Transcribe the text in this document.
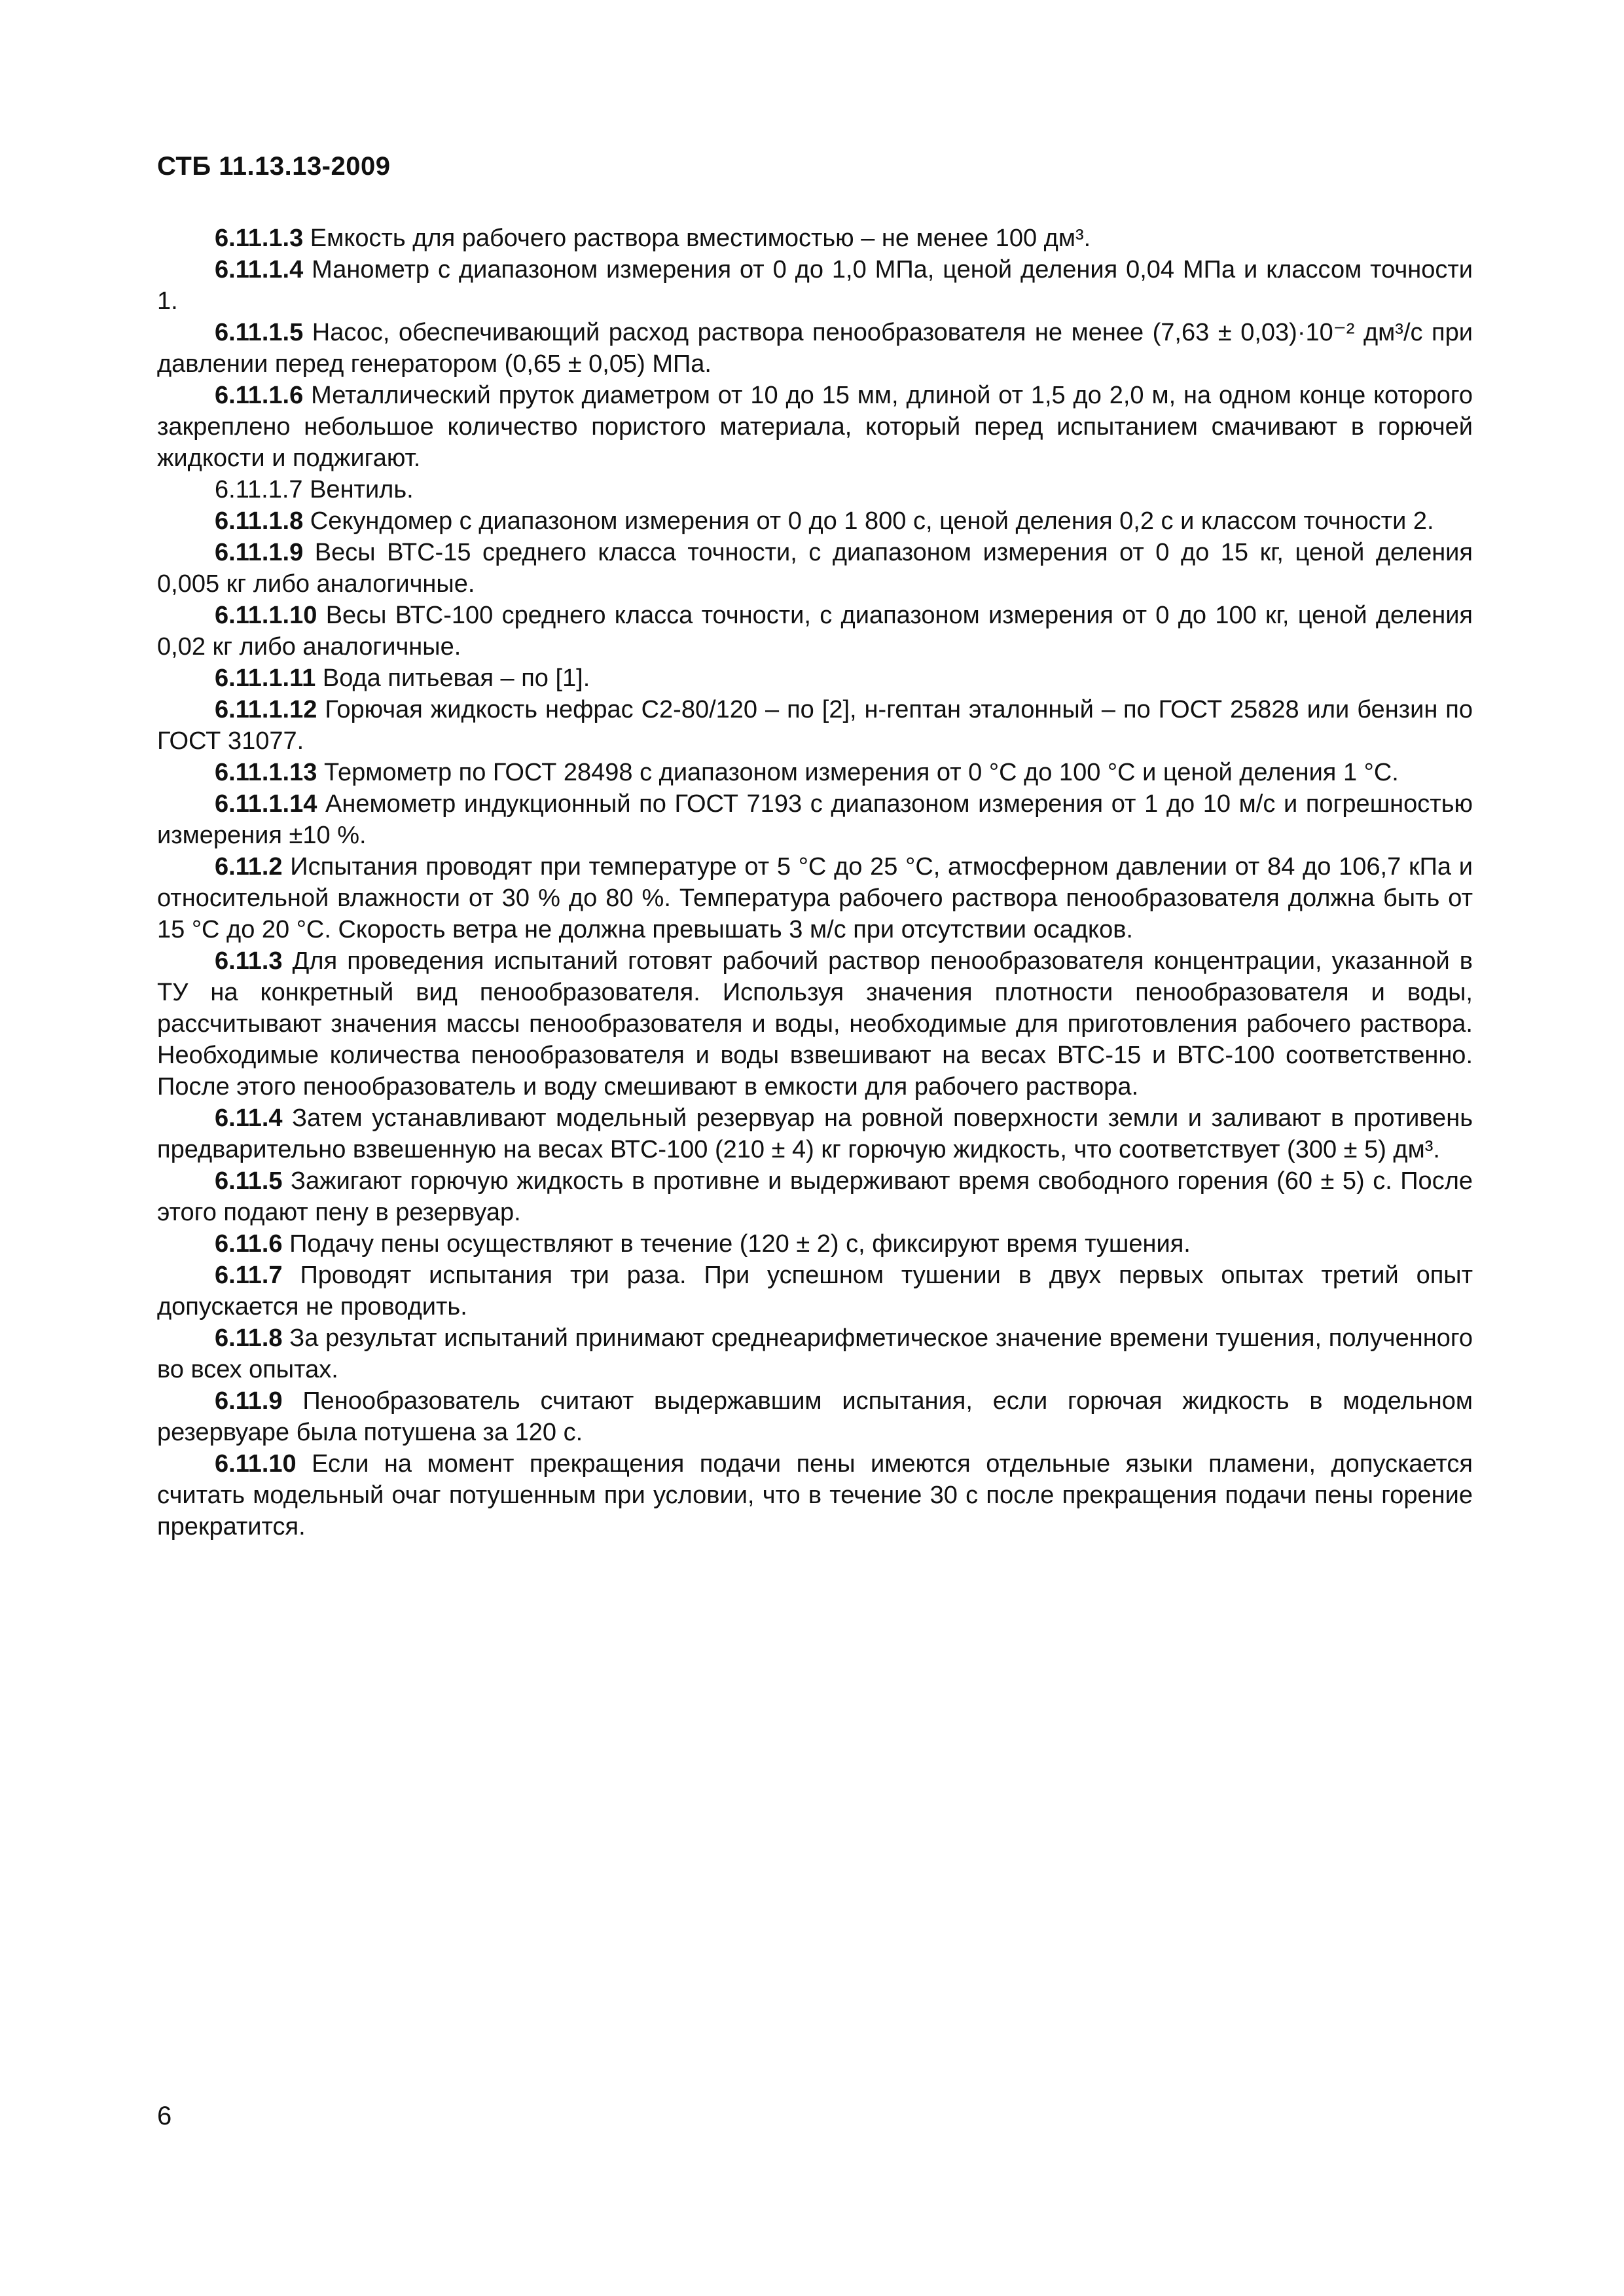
СТБ 11.13.13-2009

6.11.1.3 Емкость для рабочего раствора вместимостью – не менее 100 дм³.

6.11.1.4 Манометр с диапазоном измерения от 0 до 1,0 МПа, ценой деления 0,04 МПа и классом точности 1.

6.11.1.5 Насос, обеспечивающий расход раствора пенообразователя не менее (7,63 ± 0,03)·10⁻² дм³/с при давлении перед генератором (0,65 ± 0,05) МПа.

6.11.1.6 Металлический пруток диаметром от 10 до 15 мм, длиной от 1,5 до 2,0 м, на одном конце которого закреплено небольшое количество пористого материала, который перед испытанием смачивают в горючей жидкости и поджигают.

6.11.1.7 Вентиль.

6.11.1.8 Секундомер с диапазоном измерения от 0 до 1 800 с, ценой деления 0,2 с и классом точности 2.

6.11.1.9 Весы ВТС-15 среднего класса точности, с диапазоном измерения от 0 до 15 кг, ценой деления 0,005 кг либо аналогичные.

6.11.1.10 Весы ВТС-100 среднего класса точности, с диапазоном измерения от 0 до 100 кг, ценой деления 0,02 кг либо аналогичные.

6.11.1.11 Вода питьевая – по [1].

6.11.1.12 Горючая жидкость нефрас С2-80/120 – по [2], н-гептан эталонный – по ГОСТ 25828 или бензин по ГОСТ 31077.

6.11.1.13 Термометр по ГОСТ 28498 с диапазоном измерения от 0 °С до 100 °С и ценой деления 1 °С.

6.11.1.14 Анемометр индукционный по ГОСТ 7193 с диапазоном измерения от 1 до 10 м/с и погрешностью измерения ±10 %.

6.11.2 Испытания проводят при температуре от 5 °С до 25 °С, атмосферном давлении от 84 до 106,7 кПа и относительной влажности от 30 % до 80 %. Температура рабочего раствора пенообразователя должна быть от 15 °С до 20 °С. Скорость ветра не должна превышать 3 м/с при отсутствии осадков.

6.11.3 Для проведения испытаний готовят рабочий раствор пенообразователя концентрации, указанной в ТУ на конкретный вид пенообразователя. Используя значения плотности пенообразователя и воды, рассчитывают значения массы пенообразователя и воды, необходимые для приготовления рабочего раствора. Необходимые количества пенообразователя и воды взвешивают на весах ВТС-15 и ВТС-100 соответственно. После этого пенообразователь и воду смешивают в емкости для рабочего раствора.

6.11.4 Затем устанавливают модельный резервуар на ровной поверхности земли и заливают в противень предварительно взвешенную на весах ВТС-100 (210 ± 4) кг горючую жидкость, что соответствует (300 ± 5) дм³.

6.11.5 Зажигают горючую жидкость в противне и выдерживают время свободного горения (60 ± 5) с. После этого подают пену в резервуар.

6.11.6 Подачу пены осуществляют в течение (120 ± 2) с, фиксируют время тушения.

6.11.7 Проводят испытания три раза. При успешном тушении в двух первых опытах третий опыт допускается не проводить.

6.11.8 За результат испытаний принимают среднеарифметическое значение времени тушения, полученного во всех опытах.

6.11.9 Пенообразователь считают выдержавшим испытания, если горючая жидкость в модельном резервуаре была потушена за 120 с.

6.11.10 Если на момент прекращения подачи пены имеются отдельные языки пламени, допускается считать модельный очаг потушенным при условии, что в течение 30 с после прекращения подачи пены горение прекратится.

6
